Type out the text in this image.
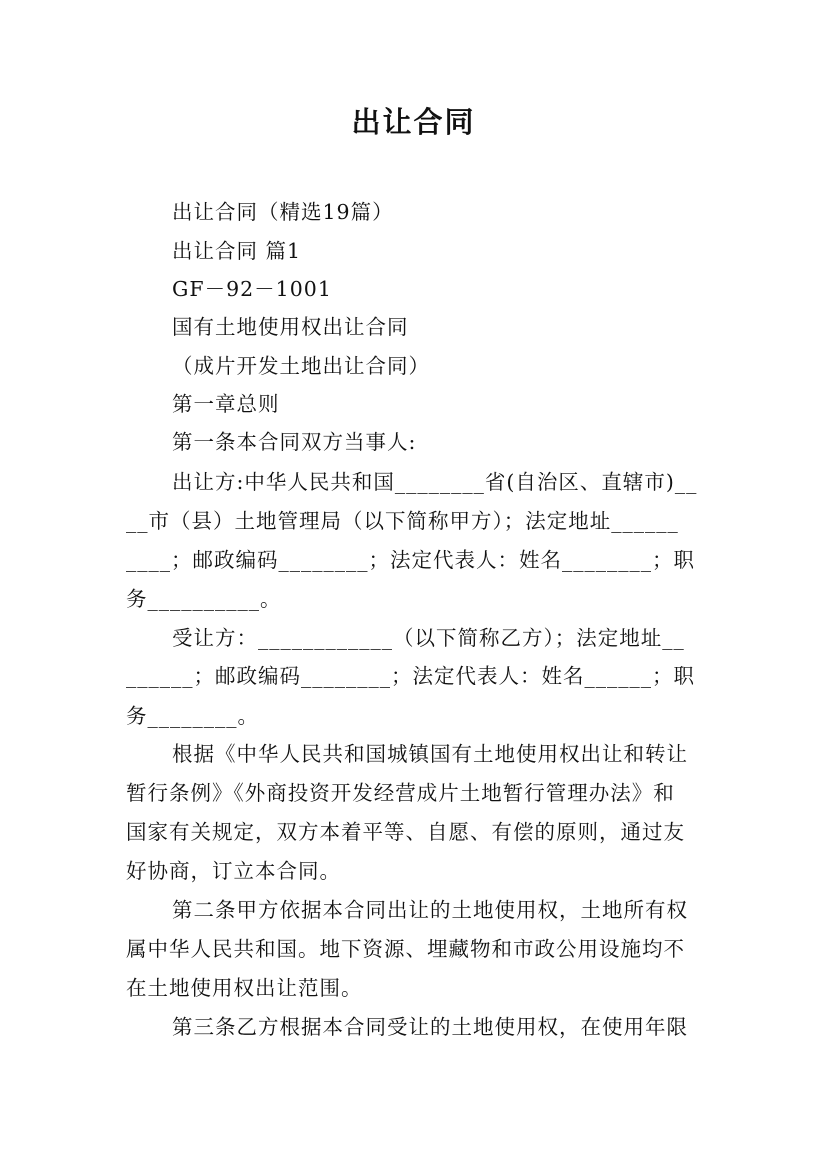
出让合同
出让合同（精选19篇）
出让合同 篇1
GF－92－1001
国有土地使用权出让合同
（成片开发土地出让合同）
第一章总则
第一条本合同双方当事人:
出让方:中华人民共和国________省(自治区、直辖市)__
__市（县）土地管理局（以下简称甲方）；法定地址______
____；邮政编码________；法定代表人：姓名________；职
务__________。
受让方：____________（以下简称乙方）；法定地址__
______；邮政编码________；法定代表人：姓名______；职
务________。
根据《中华人民共和国城镇国有土地使用权出让和转让
暂行条例》《外商投资开发经营成片土地暂行管理办法》和
国家有关规定，双方本着平等、自愿、有偿的原则，通过友
好协商，订立本合同。
第二条甲方依据本合同出让的土地使用权，土地所有权
属中华人民共和国。地下资源、埋藏物和市政公用设施均不
在土地使用权出让范围。
第三条乙方根据本合同受让的土地使用权，在使用年限
